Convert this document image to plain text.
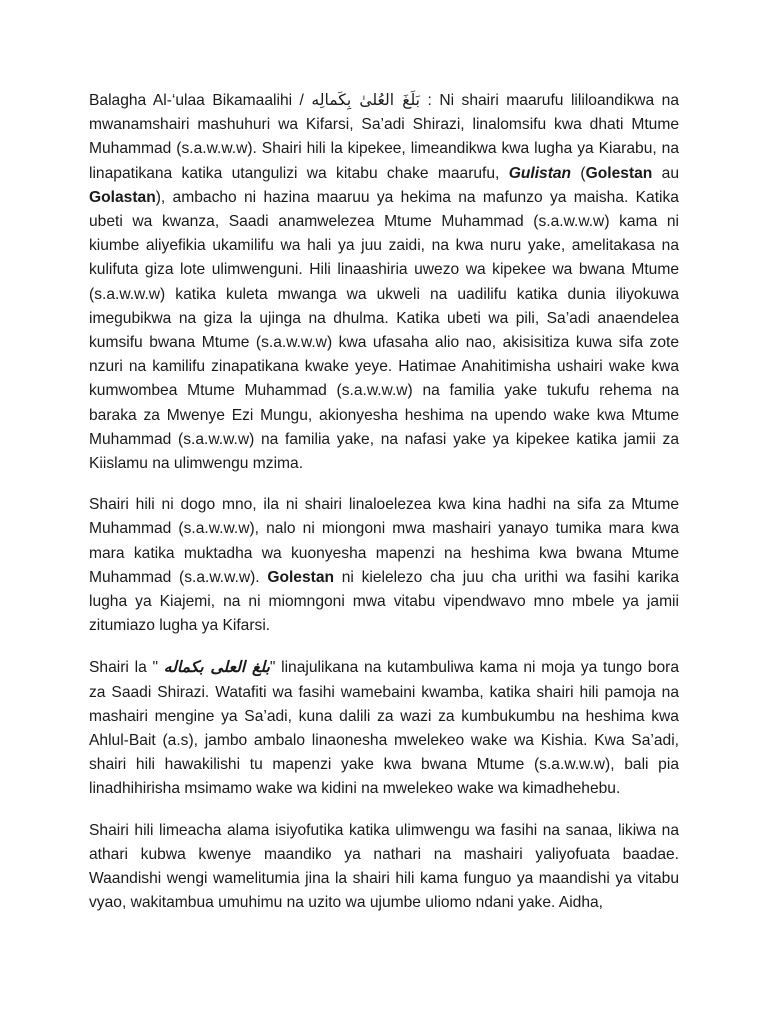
Balagha Al-‘ulaa Bikamaalihi / بَلَغَ العُلیٰ بِکَمالِه : Ni shairi maarufu lililoandikwa na mwanamshairi mashuhuri wa Kifarsi, Sa’adi Shirazi, linalomsifu kwa dhati Mtume Muhammad (s.a.w.w.w). Shairi hili la kipekee, limeandikwa kwa lugha ya Kiarabu, na linapatikana katika utangulizi wa kitabu chake maarufu, Gulistan (Golestan au Golastan), ambacho ni hazina maaruu ya hekima na mafunzo ya maisha. Katika ubeti wa kwanza, Saadi anamwelezea Mtume Muhammad (s.a.w.w.w) kama ni kiumbe aliyefikia ukamilifu wa hali ya juu zaidi, na kwa nuru yake, amelitakasa na kulifuta giza lote ulimwenguni. Hili linaashiria uwezo wa kipekee wa bwana Mtume (s.a.w.w.w) katika kuleta mwanga wa ukweli na uadilifu katika dunia iliyokuwa imegubikwa na giza la ujinga na dhulma. Katika ubeti wa pili, Sa’adi anaendelea kumsifu bwana Mtume (s.a.w.w.w) kwa ufasaha alio nao, akisisitiza kuwa sifa zote nzuri na kamilifu zinapatikana kwake yeye. Hatimae Anahitimisha ushairi wake kwa kumwombea Mtume Muhammad (s.a.w.w.w) na familia yake tukufu rehema na baraka za Mwenye Ezi Mungu, akionyesha heshima na upendo wake kwa Mtume Muhammad (s.a.w.w.w) na familia yake, na nafasi yake ya kipekee katika jamii za Kiislamu na ulimwengu mzima.

Shairi hili ni dogo mno, ila ni shairi linaloelezea kwa kina hadhi na sifa za Mtume Muhammad (s.a.w.w.w), nalo ni miongoni mwa mashairi yanayo tumika mara kwa mara katika muktadha wa kuonyesha mapenzi na heshima kwa bwana Mtume Muhammad (s.a.w.w.w). Golestan ni kielelezo cha juu cha urithi wa fasihi karika lugha ya Kiajemi, na ni miomngoni mwa vitabu vipendwavo mno mbele ya jamii zitumiazo lugha ya Kifarsi.

Shairi la " بلغ العلی بکماله" linajulikana na kutambuliwa kama ni moja ya tungo bora za Saadi Shirazi. Watafiti wa fasihi wamebaini kwamba, katika shairi hili pamoja na mashairi mengine ya Sa’adi, kuna dalili za wazi za kumbukumbu na heshima kwa Ahlul-Bait (a.s), jambo ambalo linaonesha mwelekeo wake wa Kishia. Kwa Sa’adi, shairi hili hawakilishi tu mapenzi yake kwa bwana Mtume (s.a.w.w.w), bali pia linadhihirisha msimamo wake wa kidini na mwelekeo wake wa kimadhehebu.

Shairi hili limeacha alama isiyofutika katika ulimwengu wa fasihi na sanaa, likiwa na athari kubwa kwenye maandiko ya nathari na mashairi yaliyofuata baadae. Waandishi wengi wamelitumia jina la shairi hili kama funguo ya maandishi ya vitabu vyao, wakitambua umuhimu na uzito wa ujumbe uliomo ndani yake. Aidha,
